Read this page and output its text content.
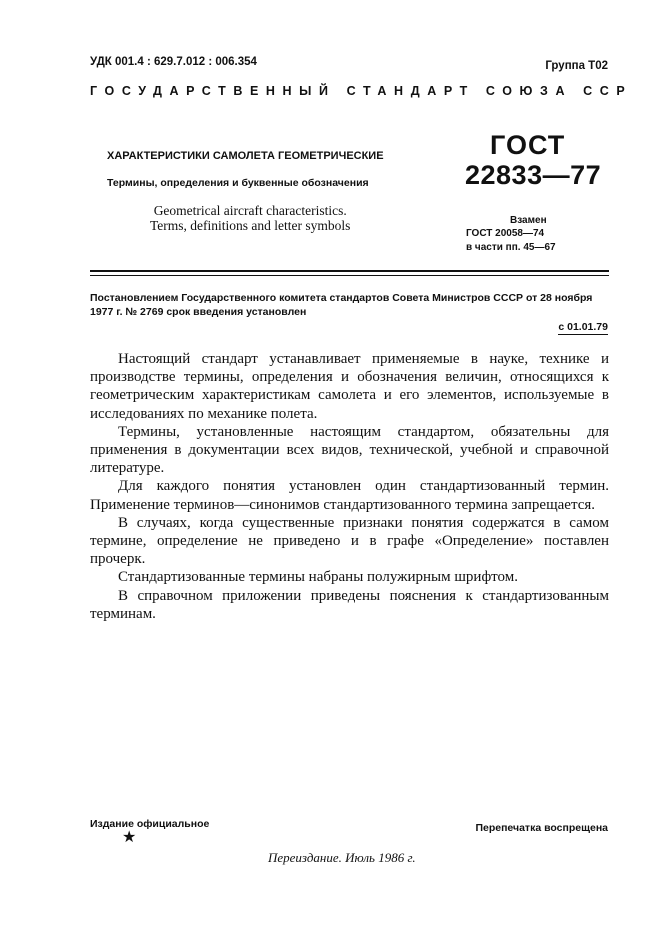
УДК 001.4 : 629.7.012 : 006.354	Группа Т02
ГОСУДАРСТВЕННЫЙ СТАНДАРТ СОЮЗА ССР
ХАРАКТЕРИСТИКИ САМОЛЕТА ГЕОМЕТРИЧЕСКИЕ
Термины, определения и буквенные обозначения
Geometrical aircraft characteristics.
Terms, definitions and letter symbols
ГОСТ
22833—77
Взамен
ГОСТ 20058—74
в части пп. 45—67
Постановлением Государственного комитета стандартов Совета Министров СССР от 28 ноября 1977 г. № 2769 срок введения установлен
с 01.01.79

Настоящий стандарт устанавливает применяемые в науке, технике и производстве термины, определения и обозначения величин, относящихся к геометрическим характеристикам самолета и его элементов, используемые в исследованиях по механике полета.

Термины, установленные настоящим стандартом, обязательны для применения в документации всех видов, технической, учебной и справочной литературе.

Для каждого понятия установлен один стандартизованный термин. Применение терминов—синонимов стандартизованного термина запрещается.

В случаях, когда существенные признаки понятия содержатся в самом термине, определение не приведено и в графе «Определение» поставлен прочерк.

Стандартизованные термины набраны полужирным шрифтом.

В справочном приложении приведены пояснения к стандартизованным терминам.

Издание официальное
★
Перепечатка воспрещена
Переиздание. Июль 1986 г.
